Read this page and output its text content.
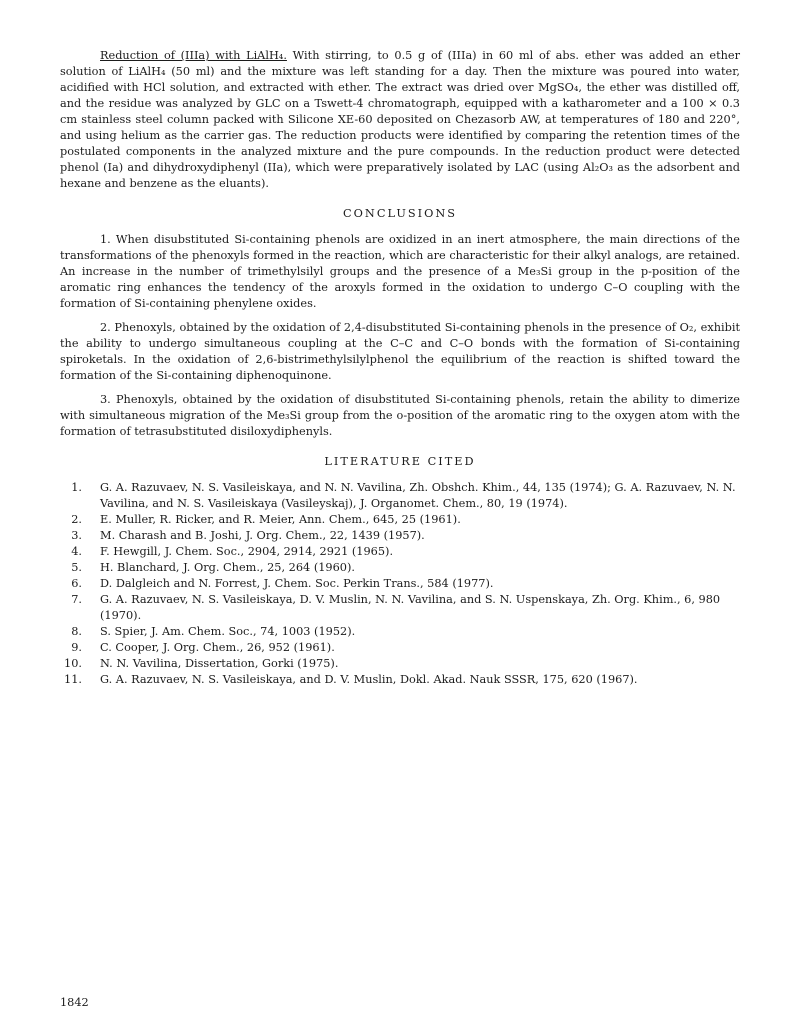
Reduction of (IIIa) with LiAlH₄. With stirring, to 0.5 g of (IIIa) in 60 ml of abs. ether was added an ether solution of LiAlH₄ (50 ml) and the mixture was left standing for a day. Then the mixture was poured into water, acidified with HCl solution, and extracted with ether. The extract was dried over MgSO₄, the ether was distilled off, and the residue was analyzed by GLC on a Tswett-4 chromatograph, equipped with a katharometer and a 100 × 0.3 cm stainless steel column packed with Silicone XE-60 deposited on Chezasorb AW, at temperatures of 180 and 220°, and using helium as the carrier gas. The reduction products were identified by comparing the retention times of the postulated components in the analyzed mixture and the pure compounds. In the reduction product were detected phenol (Ia) and dihydroxydiphenyl (IIa), which were preparatively isolated by LAC (using Al₂O₃ as the adsorbent and hexane and benzene as the eluants).

CONCLUSIONS

1. When disubstituted Si-containing phenols are oxidized in an inert atmosphere, the main directions of the transformations of the phenoxyls formed in the reaction, which are characteristic for their alkyl analogs, are retained. An increase in the number of trimethylsilyl groups and the presence of a Me₃Si group in the p-position of the aromatic ring enhances the tendency of the aroxyls formed in the oxidation to undergo C–O coupling with the formation of Si-containing phenylene oxides.

2. Phenoxyls, obtained by the oxidation of 2,4-disubstituted Si-containing phenols in the presence of O₂, exhibit the ability to undergo simultaneous coupling at the C–C and C–O bonds with the formation of Si-containing spiroketals. In the oxidation of 2,6-bistrimethylsilylphenol the equilibrium of the reaction is shifted toward the formation of the Si-containing diphenoquinone.

3. Phenoxyls, obtained by the oxidation of disubstituted Si-containing phenols, retain the ability to dimerize with simultaneous migration of the Me₃Si group from the o-position of the aromatic ring to the oxygen atom with the formation of tetrasubstituted disiloxydiphenyls.

LITERATURE CITED
1. G. A. Razuvaev, N. S. Vasileiskaya, and N. N. Vavilina, Zh. Obshch. Khim., 44, 135 (1974); G. A. Razuvaev, N. N. Vavilina, and N. S. Vasileiskaya (Vasileyskaj), J. Organomet. Chem., 80, 19 (1974).
2. E. Muller, R. Ricker, and R. Meier, Ann. Chem., 645, 25 (1961).
3. M. Charash and B. Joshi, J. Org. Chem., 22, 1439 (1957).
4. F. Hewgill, J. Chem. Soc., 2904, 2914, 2921 (1965).
5. H. Blanchard, J. Org. Chem., 25, 264 (1960).
6. D. Dalgleich and N. Forrest, J. Chem. Soc. Perkin Trans., 584 (1977).
7. G. A. Razuvaev, N. S. Vasileiskaya, D. V. Muslin, N. N. Vavilina, and S. N. Uspenskaya, Zh. Org. Khim., 6, 980 (1970).
8. S. Spier, J. Am. Chem. Soc., 74, 1003 (1952).
9. C. Cooper, J. Org. Chem., 26, 952 (1961).
10. N. N. Vavilina, Dissertation, Gorki (1975).
11. G. A. Razuvaev, N. S. Vasileiskaya, and D. V. Muslin, Dokl. Akad. Nauk SSSR, 175, 620 (1967).
1842
